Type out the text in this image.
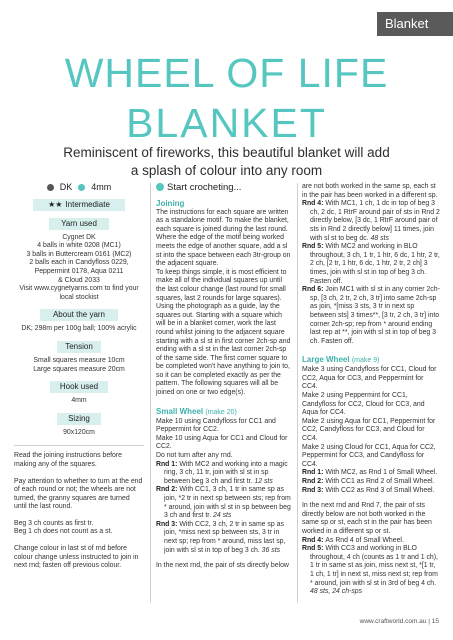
Blanket
WHEEL OF LIFE
BLANKET
Reminiscent of fireworks, this beautiful blanket will add
a splash of colour into any room
DK 4mm
★★ Intermediate
Yarn used
Cygnet DK
4 balls in white 0208 (MC1)
3 balls in Buttercream 0161 (MC2)
2 balls each in Candyfloss 0229,
Peppermint 0178, Aqua 0211
& Cloud 2033
Visit www.cygnetyarns.com to find your
local stockist
About the yarn
DK; 298m per 100g ball; 100% acrylic
Tension
Small squares measure 10cm
Large squares measure 20cm
Hook used
4mm
Sizing
90x120cm

Read the joining instructions before making any of the squares.

Pay attention to whether to turn at the end of each round or not; the wheels are not turned, the granny squares are turned until the last round.

Beg 3 ch counts as first tr.
Beg 1 ch does not count as a st.

Change colour in last st of rnd before colour change unless instructed to join in next rnd; fasten off previous colour.

Start crocheting...
Joining

The instructions for each square are written as a standalone motif. To make the blanket, each square is joined during the last round. Where the edge of the motif being worked meets the edge of another square, add a sl st into the space between each 3tr-group on the adjacent square.

To keep things simple, it is most efficient to make all of the individual squares up until the last colour change (last round for small squares, last 2 rounds for large squares). Using the photograph as a guide, lay the squares out. Starting with a square which will be in a blanket corner, work the last round whilst joining to the adjacent square starting with a sl st in first corner 2ch-sp and ending with a sl st in the last corner 2ch-sp of the same side. The first corner square to be completed won't have anything to join to, so it can be completed exactly as per the pattern. The following squares will all be joined on one or two edge(s).

Small Wheel (make 20)

Make 10 using Candyfloss for CC1 and Peppermint for CC2.
Make 10 using Aqua for CC1 and Cloud for CC2.
Do not turn after any rnd.

Rnd 1: With MC2 and working into a magic ring, 3 ch, 11 tr, join with sl st in sp between beg 3 ch and first tr. 12 sts

Rnd 2: With CC1, 3 ch, 1 tr in same sp as join, *2 tr in next sp between sts; rep from * around, join with sl st in sp between beg 3 ch and first tr. 24 sts

Rnd 3: With CC2, 3 ch, 2 tr in same sp as join, *miss next sp between sts, 3 tr in next sp; rep from * around, miss last sp, join with sl st in top of beg 3 ch. 36 sts

In the next rnd, the pair of sts directly below

are not both worked in the same sp, each st in the pair has been worked in a different sp.

Rnd 4: With MC1, 1 ch, 1 dc in top of beg 3 ch, 2 dc, 1 RtrF around pair of sts in Rnd 2 directly below, [3 dc, 1 RtrF around pair of sts in Rnd 2 directly below] 11 times, join with sl st to beg dc. 48 sts

Rnd 5: With MC2 and working in BLO throughout, 3 ch, 1 tr, 1 htr, 6 dc, 1 htr, 2 tr, 2 ch, [2 tr, 1 htr, 6 dc, 1 htr, 2 tr, 2 ch] 3 times, join with sl st in top of beg 3 ch. Fasten off.

Rnd 6: Join MC1 with sl st in any corner 2ch-sp, [3 ch, 2 tr, 2 ch, 3 tr] into same 2ch-sp as join, *[miss 3 sts, 3 tr in next sp between sts] 3 times**, [3 tr, 2 ch, 3 tr] into corner 2ch-sp; rep from * around ending last rep at **, join with sl st in top of beg 3 ch. Fasten off.

Large Wheel (make 9)

Make 3 using Candyfloss for CC1, Cloud for CC2, Aqua for CC3, and Peppermint for CC4.
Make 2 using Peppermint for CC1, Candyfloss for CC2, Cloud for CC3, and Aqua for CC4.
Make 2 using Aqua for CC1, Peppermint for CC2, Candyfloss for CC3, and Cloud for CC4.
Make 2 using Cloud for CC1, Aqua for CC2, Peppermint for CC3, and Candyfloss for CC4.

Rnd 1: With MC2, as Rnd 1 of Small Wheel.

Rnd 2: With CC1 as Rnd 2 of Small Wheel.

Rnd 3: With CC2 as Rnd 3 of Small Wheel.

In the next rnd and Rnd 7, the pair of sts directly below are not both worked in the same sp or st, each st in the pair has been worked in a different sp or st.

Rnd 4: As Rnd 4 of Small Wheel.

Rnd 5: With CC3 and working in BLO throughout, 4 ch (counts as 1 tr and 1 ch), 1 tr in same st as join, miss next st, *[1 tr, 1 ch, 1 tr] in next st, miss next st; rep from * around, join with sl st in 3rd of beg 4 ch.

48 sts, 24 ch-sps

www.craftworld.com.au | 15
